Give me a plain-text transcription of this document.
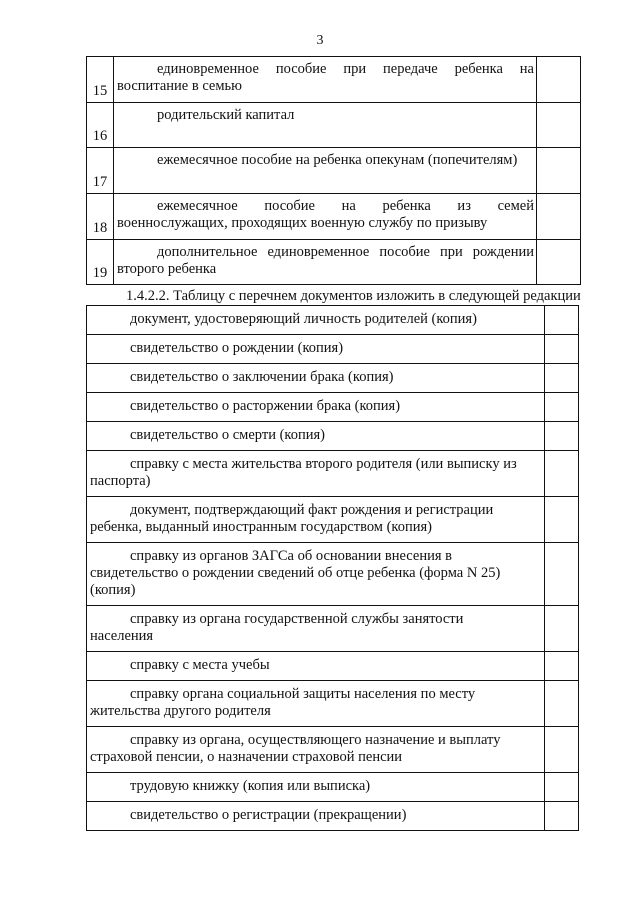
3
15	единовременное пособие при передаче ребенка на
воспитание в семью	

16	родительский капитал	

17	ежемесячное пособие на ребенка опекунам (попечителям)	

18	ежемесячное пособие на ребенка из семей
военнослужащих, проходящих военную службу по призыву	

19	дополнительное единовременное пособие при рождении
второго ребенка	

1.4.2.2. Таблицу с перечнем документов изложить в следующей редакции
документ, удостоверяющий личность родителей (копия)	

свидетельство о рождении (копия)	

свидетельство о заключении брака (копия)	

свидетельство о расторжении брака (копия)	

свидетельство о смерти (копия)	

справку с места жительства второго родителя (или выписку из
паспорта)	

документ, подтверждающий факт рождения и регистрации
ребенка, выданный иностранным государством (копия)	

справку из органов ЗАГСа об основании внесения в
свидетельство о рождении сведений об отце ребенка (форма N 25)
(копия)	

справку из органа государственной службы занятости
населения	

справку с места учебы	

справку органа социальной защиты населения по месту
жительства другого родителя	

справку из органа, осуществляющего назначение и выплату
страховой пенсии, о назначении страховой пенсии	

трудовую книжку (копия или выписка)	

свидетельство о регистрации (прекращении)	
